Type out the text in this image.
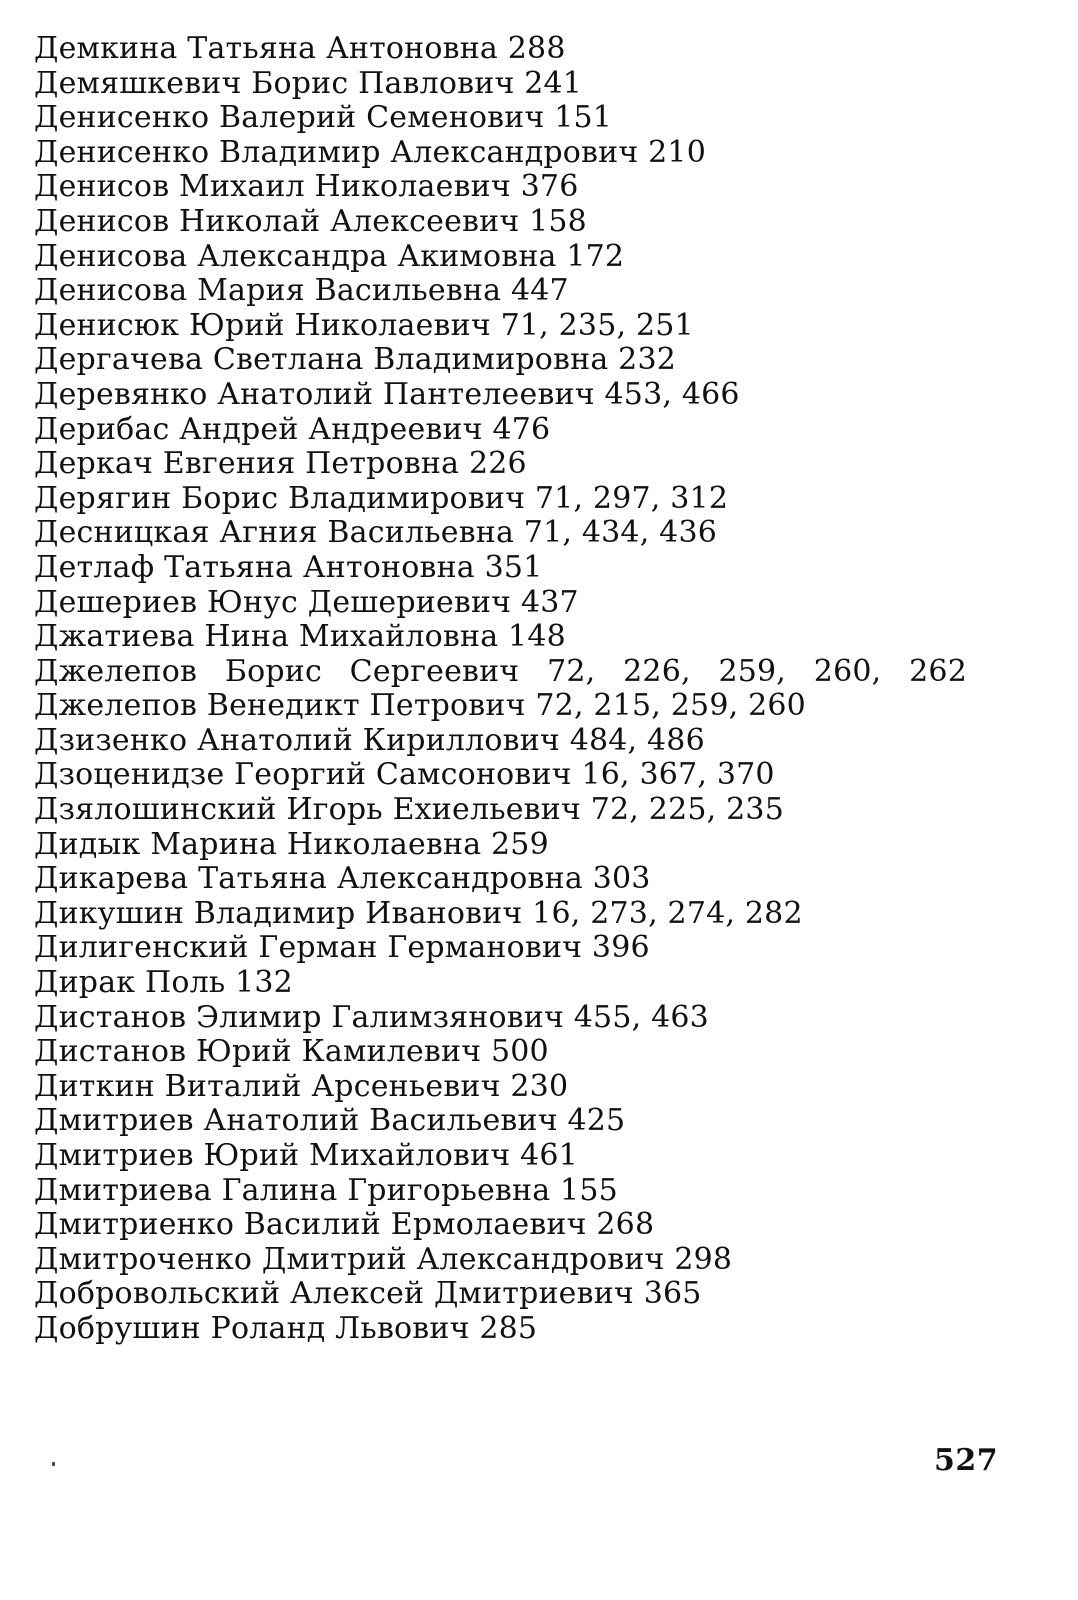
Демкина Татьяна Антоновна 288
Демяшкевич Борис Павлович 241
Денисенко Валерий Семенович 151
Денисенко Владимир Александрович 210
Денисов Михаил Николаевич 376
Денисов Николай Алексеевич 158
Денисова Александра Акимовна 172
Денисова Мария Васильевна 447
Денисюк Юрий Николаевич 71, 235, 251
Дергачева Светлана Владимировна 232
Деревянко Анатолий Пантелеевич 453, 466
Дерибас Андрей Андреевич 476
Деркач Евгения Петровна 226
Дерягин Борис Владимирович 71, 297, 312
Десницкая Агния Васильевна 71, 434, 436
Детлаф Татьяна Антоновна 351
Дешериев Юнус Дешериевич 437
Джатиева Нина Михайловна 148
Джелепов Борис Сергеевич 72, 226, 259, 260, 262
Джелепов Венедикт Петрович 72, 215, 259, 260
Дзизенко Анатолий Кириллович 484, 486
Дзоценидзе Георгий Самсонович 16, 367, 370
Дзялошинский Игорь Ехиельевич 72, 225, 235
Дидык Марина Николаевна 259
Дикарева Татьяна Александровна 303
Дикушин Владимир Иванович 16, 273, 274, 282
Дилигенский Герман Германович 396
Дирак Поль 132
Дистанов Элимир Галимзянович 455, 463
Дистанов Юрий Камилевич 500
Диткин Виталий Арсеньевич 230
Дмитриев Анатолий Васильевич 425
Дмитриев Юрий Михайлович 461
Дмитриева Галина Григорьевна 155
Дмитриенко Василий Ермолаевич 268
Дмитроченко Дмитрий Александрович 298
Добровольский Алексей Дмитриевич 365
Добрушин Роланд Львович 285
527
